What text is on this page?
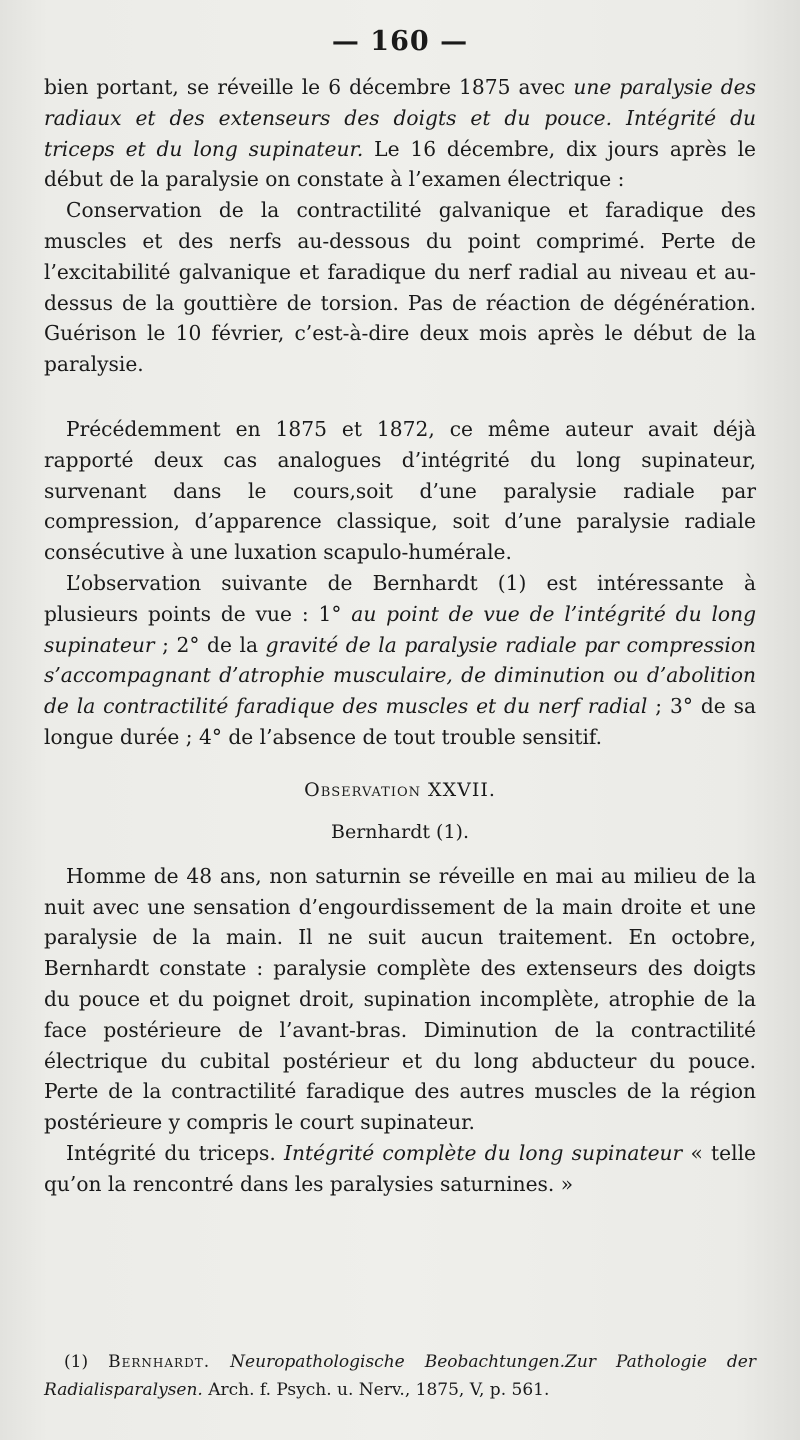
— 160 —

bien portant, se réveille le 6 décembre 1875 avec une paralysie des radiaux et des extenseurs des doigts et du pouce. Intégrité du triceps et du long supinateur. Le 16 décembre, dix jours après le début de la paralysie on constate à l’examen électrique :

Conservation de la contractilité galvanique et faradique des muscles et des nerfs au-dessous du point comprimé. Perte de l’excitabilité galvanique et faradique du nerf radial au niveau et au-dessus de la gouttière de torsion. Pas de réaction de dégénération. Guérison le 10 février, c’est-à-dire deux mois après le début de la paralysie.

Précédemment en 1875 et 1872, ce même auteur avait déjà rapporté deux cas analogues d’intégrité du long supinateur, survenant dans le cours,soit d’une paralysie radiale par compression, d’apparence classique, soit d’une paralysie radiale consécutive à une luxation scapulo-humérale.

L’observation suivante de Bernhardt (1) est intéressante à plusieurs points de vue : 1° au point de vue de l’intégrité du long supinateur ; 2° de la gravité de la paralysie radiale par compression s’accompagnant d’atrophie musculaire, de diminution ou d’abolition de la contractilité faradique des muscles et du nerf radial ; 3° de sa longue durée ; 4° de l’absence de tout trouble sensitif.

Observation XXVII.
Bernhardt (1).

Homme de 48 ans, non saturnin se réveille en mai au milieu de la nuit avec une sensation d’engourdissement de la main droite et une paralysie de la main. Il ne suit aucun traitement. En octobre, Bernhardt constate : paralysie complète des extenseurs des doigts du pouce et du poignet droit, supination incomplète, atrophie de la face postérieure de l’avant-bras. Diminution de la contractilité électrique du cubital postérieur et du long abducteur du pouce. Perte de la contractilité faradique des autres muscles de la région postérieure y compris le court supinateur.

Intégrité du triceps. Intégrité complète du long supinateur « telle qu’on la rencontré dans les paralysies saturnines. »

(1) Bernhardt. Neuropathologische Beobachtungen.Zur Pathologie der Radialisparalysen. Arch. f. Psych. u. Nerv., 1875, V, p. 561.
